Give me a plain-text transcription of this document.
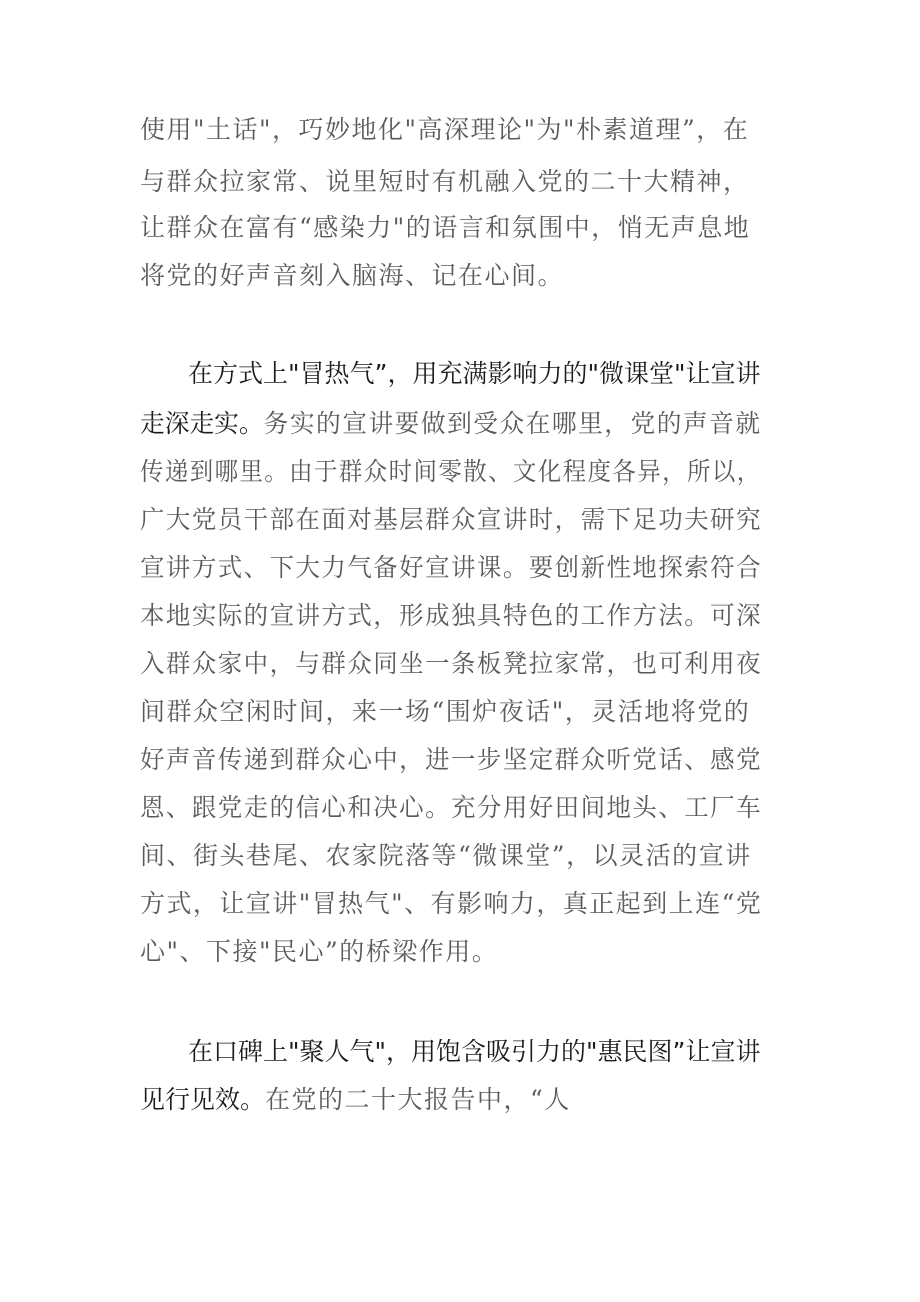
使用"土话"，巧妙地化"高深理论"为"朴素道理”，在
与群众拉家常、说里短时有机融入党的二十大精神，
让群众在富有“感染力"的语言和氛围中，悄无声息地
将党的好声音刻入脑海、记在心间。
在方式上"冒热气”，用充满影响力的"微课堂"让宣讲
走深走实。务实的宣讲要做到受众在哪里，党的声音就
传递到哪里。由于群众时间零散、文化程度各异，所以，
广大党员干部在面对基层群众宣讲时，需下足功夫研究
宣讲方式、下大力气备好宣讲课。要创新性地探索符合
本地实际的宣讲方式，形成独具特色的工作方法。可深
入群众家中，与群众同坐一条板凳拉家常，也可利用夜
间群众空闲时间，来一场“围炉夜话"，灵活地将党的
好声音传递到群众心中，进一步坚定群众听党话、感党
恩、跟党走的信心和决心。充分用好田间地头、工厂车
间、街头巷尾、农家院落等“微课堂”，以灵活的宣讲
方式，让宣讲"冒热气"、有影响力，真正起到上连“党
心"、下接"民心”的桥梁作用。
在口碑上"聚人气"，用饱含吸引力的"惠民图”让宣讲
见行见效。在党的二十大报告中，“人
